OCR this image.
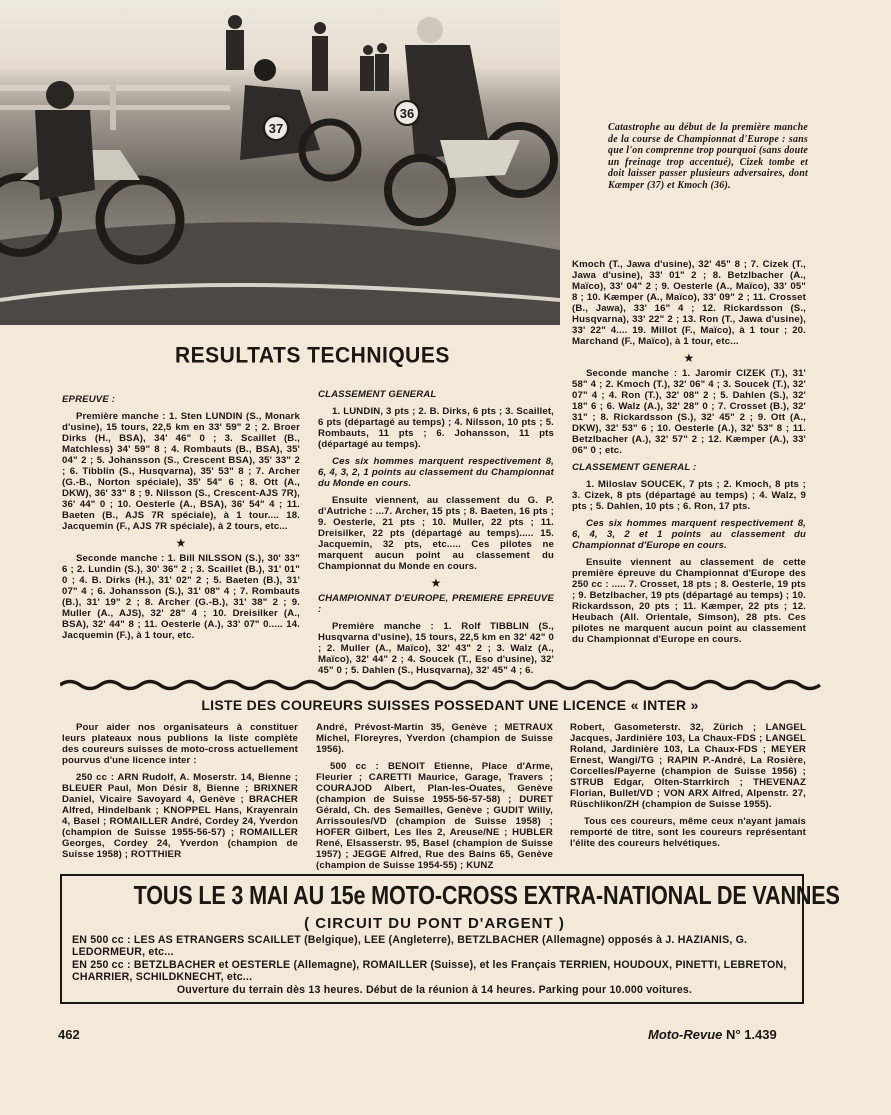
37
36
Catastrophe au début de la première manche de la course de Championnat d'Europe : sans que l'on comprenne trop pourquoi (sans doute un freinage trop accentué), Cizek tombe et doit laisser passer plusieurs adversaires, dont Kæmper (37) et Kmoch (36).

Kmoch (T., Jawa d'usine), 32' 45" 8 ; 7. Cizek (T., Jawa d'usine), 33' 01" 2 ; 8. Betzlbacher (A., Maïco), 33' 04" 2 ; 9. Oesterle (A., Maïco), 33' 05" 8 ; 10. Kæmper (A., Maïco), 33' 09" 2 ; 11. Crosset (B., Jawa), 33' 16" 4 ; 12. Rickardsson (S., Husqvarna), 33' 22" 2 ; 13. Ron (T., Jawa d'usine), 33' 22" 4.... 19. Millot (F., Maïco), à 1 tour ; 20. Marchand (F., Maïco), à 1 tour, etc...

★

Seconde manche : 1. Jaromir CIZEK (T.), 31' 58" 4 ; 2. Kmoch (T.), 32' 06" 4 ; 3. Soucek (T.), 32' 07" 4 ; 4. Ron (T.), 32' 08" 2 ; 5. Dahlen (S.), 32' 18" 6 ; 6. Walz (A.), 32' 28" 0 ; 7. Crosset (B.), 32' 31" ; 8. Rickardsson (S.), 32' 45" 2 ; 9. Ott (A., DKW), 32' 53" 6 ; 10. Oesterle (A.), 32' 53" 8 ; 11. Betzlbacher (A.), 32' 57" 2 ; 12. Kæmper (A.), 33' 06" 0 ; etc.

CLASSEMENT GENERAL :

1. Miloslav SOUCEK, 7 pts ; 2. Kmoch, 8 pts ; 3. Cizek, 8 pts (départagé au temps) ; 4. Walz, 9 pts ; 5. Dahlen, 10 pts ; 6. Ron, 17 pts.

Ces six hommes marquent respectivement 8, 6, 4, 3, 2 et 1 points au classement du Championnat d'Europe en cours.

Ensuite viennent au classement de cette première épreuve du Championnat d'Europe des 250 cc : ..... 7. Crosset, 18 pts ; 8. Oesterle, 19 pts ; 9. Betzlbacher, 19 pts (départagé au temps) ; 10. Rickardsson, 20 pts ; 11. Kæmper, 22 pts ; 12. Heubach (All. Orientale, Simson), 28 pts. Ces pilotes ne marquent aucun point au classement du Championnat d'Europe en cours.

RESULTATS TECHNIQUES

EPREUVE :

Première manche : 1. Sten LUNDIN (S., Monark d'usine), 15 tours, 22,5 km en 33' 59" 2 ; 2. Broer Dirks (H., BSA), 34' 46" 0 ; 3. Scaillet (B., Matchless) 34' 59" 8 ; 4. Rombauts (B., BSA), 35' 04" 2 ; 5. Johansson (S., Crescent BSA), 35' 33" 2 ; 6. Tibblin (S., Husqvarna), 35' 53" 8 ; 7. Archer (G.-B., Norton spéciale), 35' 54" 6 ; 8. Ott (A., DKW), 36' 33" 8 ; 9. Nilsson (S., Crescent-AJS 7R), 36' 44" 0 ; 10. Oesterle (A., BSA), 36' 54" 4 ; 11. Baeten (B., AJS 7R spéciale), à 1 tour.... 18. Jacquemin (F., AJS 7R spéciale), à 2 tours, etc...

★

Seconde manche : 1. Bill NILSSON (S.), 30' 33" 6 ; 2. Lundin (S.), 30' 36" 2 ; 3. Scaillet (B.), 31' 01" 0 ; 4. B. Dirks (H.), 31' 02" 2 ; 5. Baeten (B.), 31' 07" 4 ; 6. Johansson (S.), 31' 08" 4 ; 7. Rombauts (B.), 31' 19" 2 ; 8. Archer (G.-B.), 31' 38" 2 ; 9. Muller (A., AJS), 32' 28" 4 ; 10. Dreisilker (A., BSA), 32' 44" 8 ; 11. Oesterle (A.), 33' 07" 0..... 14. Jacquemin (F.), à 1 tour, etc.

CLASSEMENT GENERAL

1. LUNDIN, 3 pts ; 2. B. Dirks, 6 pts ; 3. Scaillet, 6 pts (départagé au temps) ; 4. Nilsson, 10 pts ; 5. Rombauts, 11 pts ; 6. Johansson, 11 pts (départagé au temps).

Ces six hommes marquent respectivement 8, 6, 4, 3, 2, 1 points au classement du Championnat du Monde en cours.

Ensuite viennent, au classement du G. P. d'Autriche : ...7. Archer, 15 pts ; 8. Baeten, 16 pts ; 9. Oesterle, 21 pts ; 10. Muller, 22 pts ; 11. Dreisilker, 22 pts (départagé au temps)..... 15. Jacquemin, 32 pts, etc..... Ces pilotes ne marquent aucun point au classement du Championnat du Monde en cours.

★

CHAMPIONNAT D'EUROPE, PREMIERE EPREUVE :

Première manche : 1. Rolf TIBBLIN (S., Husqvarna d'usine), 15 tours, 22,5 km en 32' 42" 0 ; 2. Muller (A., Maïco), 32' 43" 2 ; 3. Walz (A., Maïco), 32' 44" 2 ; 4. Soucek (T., Eso d'usine), 32' 45" 0 ; 5. Dahlen (S., Husqvarna), 32' 45" 4 ; 6.

LISTE DES COUREURS SUISSES POSSEDANT UNE LICENCE « INTER »

Pour aider nos organisateurs à constituer leurs plateaux nous publions la liste complète des coureurs suisses de moto-cross actuellement pourvus d'une licence inter :

250 cc : ARN Rudolf, A. Moserstr. 14, Bienne ; BLEUER Paul, Mon Désir 8, Bienne ; BRIXNER Daniel, Vicaire Savoyard 4, Genève ; BRACHER Alfred, Hindelbank ; KNOPPEL Hans, Krayenrain 4, Basel ; ROMAILLER André, Cordey 24, Yverdon (champion de Suisse 1955-56-57) ; ROMAILLER Georges, Cordey 24, Yverdon (champion de Suisse 1958) ; ROTTHIER

André, Prévost-Martin 35, Genève ; METRAUX Michel, Floreyres, Yverdon (champion de Suisse 1956).

500 cc : BENOIT Etienne, Place d'Arme, Fleurier ; CARETTI Maurice, Garage, Travers ; COURAJOD Albert, Plan-les-Ouates, Genève (champion de Suisse 1955-56-57-58) ; DURET Gérald, Ch. des Semailles, Genève ; GUDIT Willy, Arrissoules/VD (champion de Suisse 1958) ; HOFER Gilbert, Les Iles 2, Areuse/NE ; HUBLER René, Elsasserstr. 95, Basel (champion de Suisse 1957) ; JEGGE Alfred, Rue des Bains 65, Genève (champion de Suisse 1954-55) ; KUNZ

Robert, Gasometerstr. 32, Zürich ; LANGEL Jacques, Jardinière 103, La Chaux-FDS ; LANGEL Roland, Jardinière 103, La Chaux-FDS ; MEYER Ernest, Wangi/TG ; RAPIN P.-André, La Rosière, Corcelles/Payerne (champion de Suisse 1956) ; STRUB Edgar, Olten-Starrkirch ; THEVENAZ Florian, Bullet/VD ; VON ARX Alfred, Alpenstr. 27, Rüschlikon/ZH (champion de Suisse 1955).

Tous ces coureurs, même ceux n'ayant jamais remporté de titre, sont les coureurs représentant l'élite des coureurs helvétiques.

TOUS LE 3 MAI AU 15e MOTO-CROSS EXTRA-NATIONAL DE VANNES
( CIRCUIT DU PONT D'ARGENT )
EN 500 cc : LES AS ETRANGERS SCAILLET (Belgique), LEE (Angleterre), BETZLBACHER (Allemagne) opposés à J. HAZIANIS, G. LEDORMEUR, etc...
EN 250 cc : BETZLBACHER et OESTERLE (Allemagne), ROMAILLER (Suisse), et les Français TERRIEN, HOUDOUX, PINETTI, LEBRETON, CHARRIER, SCHILDKNECHT, etc...
Ouverture du terrain dès 13 heures. Début de la réunion à 14 heures. Parking pour 10.000 voitures.
462	Moto-Revue N° 1.439
